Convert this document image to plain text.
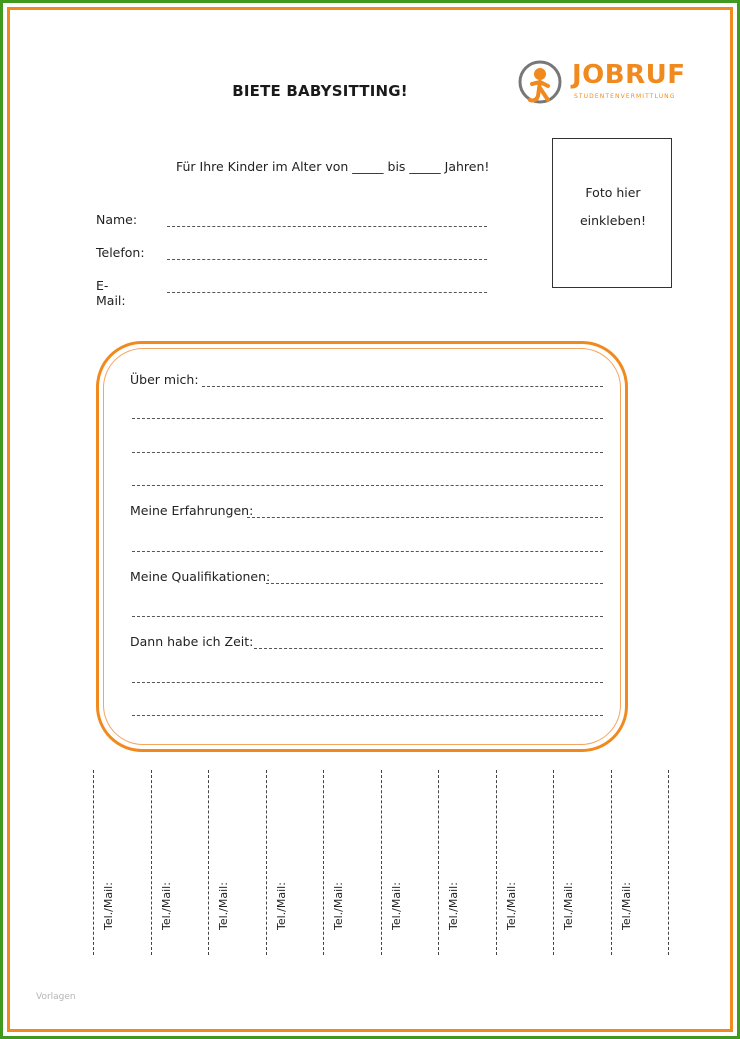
BIETE BABYSITTING!
JOBRUF
STUDENTENVERMITTLUNG
Für Ihre Kinder im Alter von _____ bis _____ Jahren!
Name:
Telefon:
E-Mail:
Foto hier
einkleben!
Über mich:
Meine Erfahrungen:
Meine Qualifikationen:
Dann habe ich Zeit:
Tel./Mail:	Tel./Mail:	Tel./Mail:	Tel./Mail:	Tel./Mail:	Tel./Mail:	Tel./Mail:	Tel./Mail:	Tel./Mail:	Tel./Mail:
Vorlagen
